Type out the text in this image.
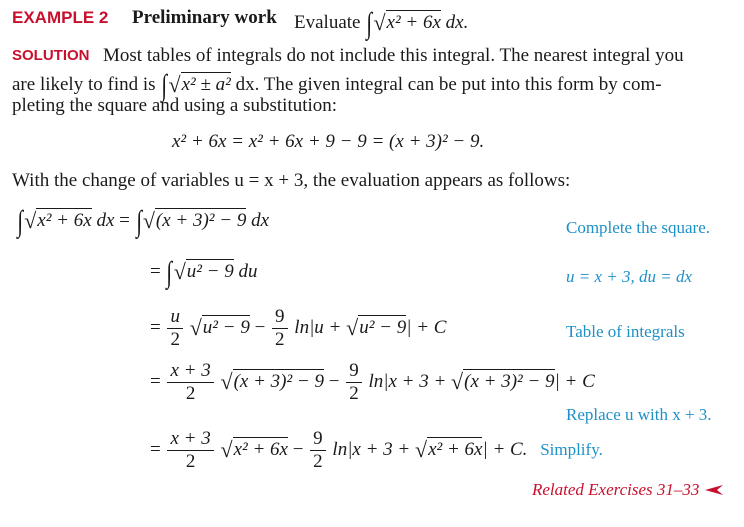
EXAMPLE 2 Preliminary work Evaluate ∫√x² + 6x dx.
SOLUTION Most tables of integrals do not include this integral. The nearest integral you
are likely to find is ∫√x² ± a² dx. The given integral can be put into this form by com-
pleting the square and using a substitution:
x² + 6x = x² + 6x + 9 − 9 = (x + 3)² − 9.
With the change of variables u = x + 3, the evaluation appears as follows:
∫√x² + 6x dx = ∫√(x + 3)² − 9 dx	Complete the square.
= ∫√u² − 9 du	u = x + 3, du = dx
= $\frac{u}{2} √u^2 - 9 - \frac{9}{2} \ln|u + √u^2 - 9| + C$	Table of integrals
= $\frac{x + 3}{2} √(x + 3)^2 - 9 - \frac{9}{2} \ln|x + 3 + √(x + 3)^2 - 9| + C$
Replace u with x + 3.
= $\frac{x + 3}{2} √x^2 + 6x - \frac{9}{2} \ln|x + 3 + √x^2 + 6x| + C$. Simplify.
Related Exercises 31–33
